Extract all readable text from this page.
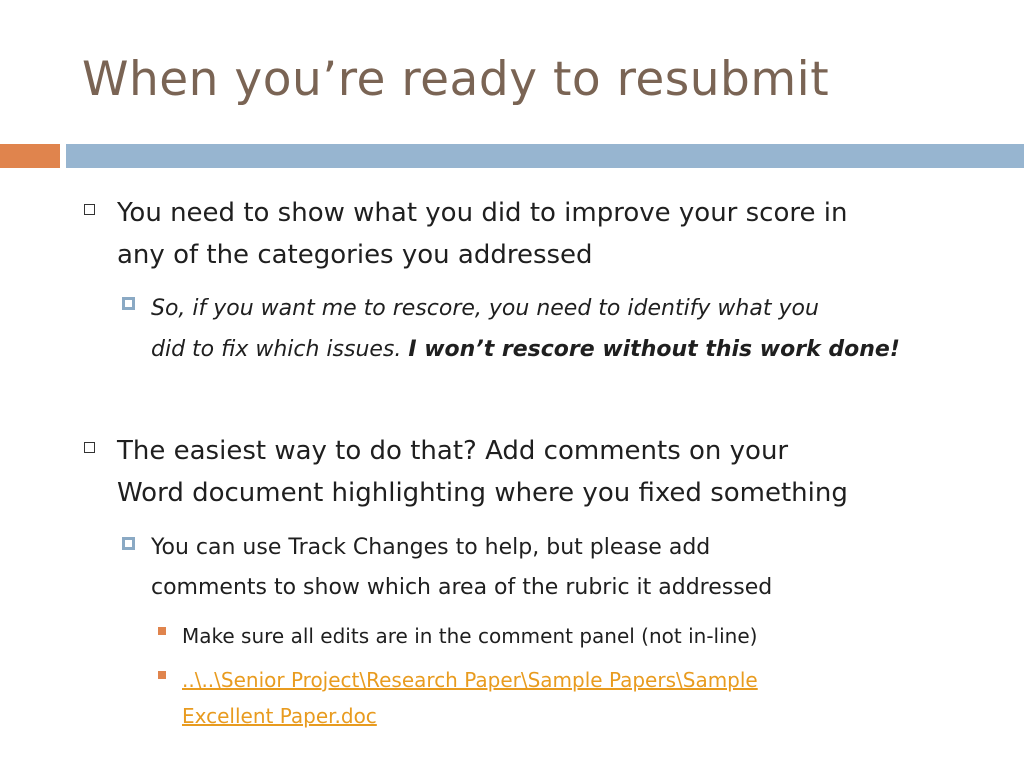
When you’re ready to resubmit
You need to show what you did to improve your score in
any of the categories you addressed
So, if you want me to rescore, you need to identify what you
did to fix which issues. I won’t rescore without this work done!
The easiest way to do that? Add comments on your
Word document highlighting where you fixed something
You can use Track Changes to help, but please add
comments to show which area of the rubric it addressed
Make sure all edits are in the comment panel (not in-line)
..\..\Senior Project\Research Paper\Sample Papers\Sample
Excellent Paper.doc
